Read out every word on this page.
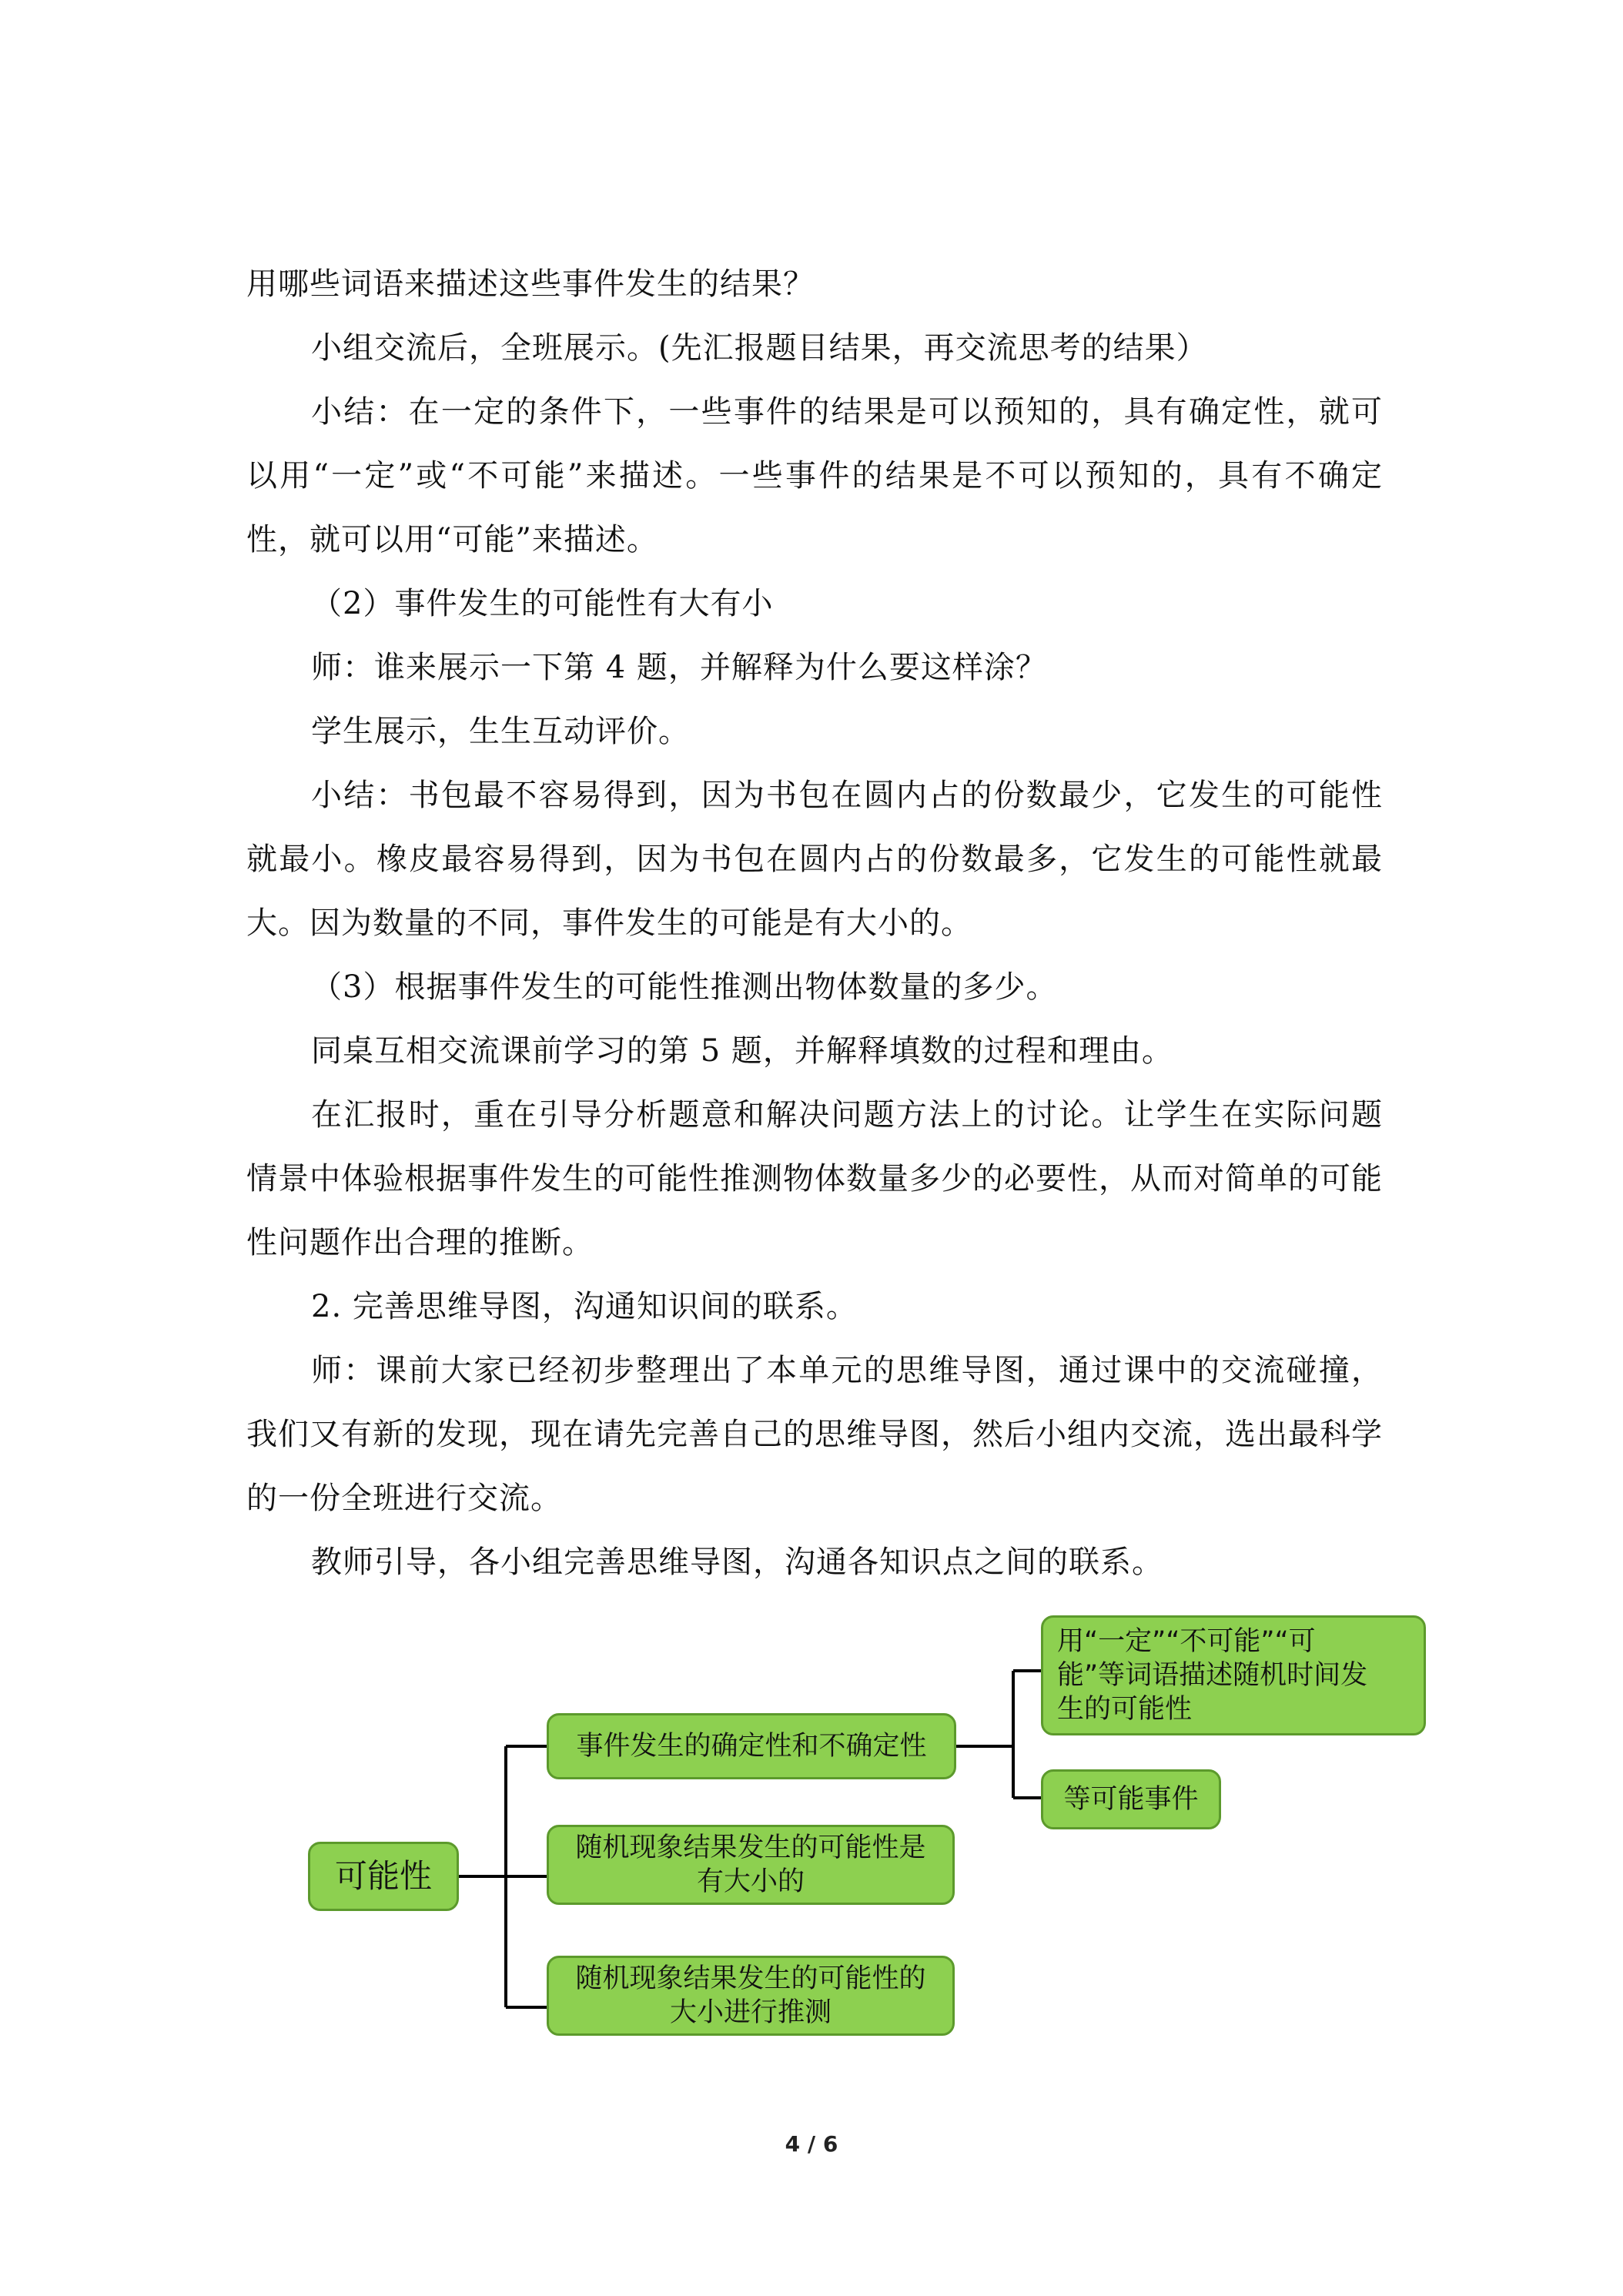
用哪些词语来描述这些事件发生的结果？

小组交流后，全班展示。(先汇报题目结果，再交流思考的结果）

小结：在一定的条件下，一些事件的结果是可以预知的，具有确定性，就可以用“一定”或“不可能”来描述。一些事件的结果是不可以预知的，具有不确定性，就可以用“可能”来描述。

（2）事件发生的可能性有大有小

师：谁来展示一下第 4 题，并解释为什么要这样涂？

学生展示，生生互动评价。

小结：书包最不容易得到，因为书包在圆内占的份数最少，它发生的可能性就最小。橡皮最容易得到，因为书包在圆内占的份数最多，它发生的可能性就最大。因为数量的不同，事件发生的可能是有大小的。

（3）根据事件发生的可能性推测出物体数量的多少。

同桌互相交流课前学习的第 5 题，并解释填数的过程和理由。

在汇报时，重在引导分析题意和解决问题方法上的讨论。让学生在实际问题情景中体验根据事件发生的可能性推测物体数量多少的必要性，从而对简单的可能性问题作出合理的推断。

2. 完善思维导图，沟通知识间的联系。

师：课前大家已经初步整理出了本单元的思维导图，通过课中的交流碰撞，我们又有新的发现，现在请先完善自己的思维导图，然后小组内交流，选出最科学的一份全班进行交流。

教师引导，各小组完善思维导图，沟通各知识点之间的联系。

可能性
事件发生的确定性和不确定性
用“一定”“不可能”“可
能”等词语描述随机时间发
生的可能性
等可能事件
随机现象结果发生的可能性是
有大小的
随机现象结果发生的可能性的
大小进行推测
4 / 6
